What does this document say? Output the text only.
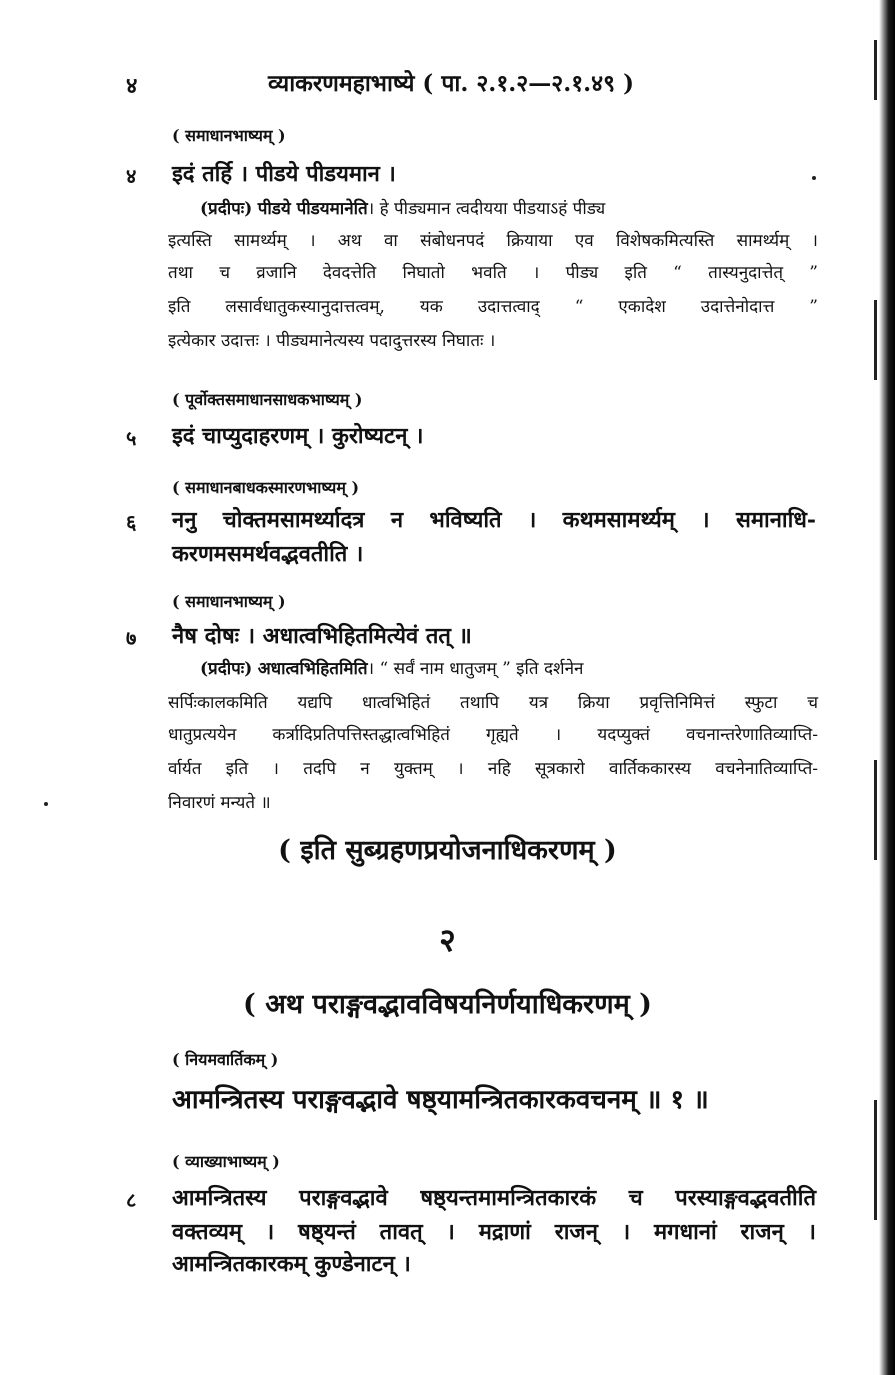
४	व्याकरणमहाभाष्ये ( पा. २.१.२—२.१.४९ )
( समाधानभाष्यम् )
४ इदं तर्हि । पीडये पीडयमान ।
(प्रदीपः) पीडये पीडयमानेति। हे पीड्यमान त्वदीयया पीडयाऽहं पीड्य
इत्यस्ति सामर्थ्यम् । अथ वा संबोधनपदं क्रियाया एव विशेषकमित्यस्ति सामर्थ्यम् ।
तथा च व्रजानि देवदत्तेति निघातो भवति । पीड्य इति “ तास्यनुदात्तेत् ”
इति लसार्वधातुकस्यानुदात्तत्वम्, यक उदात्तत्वाद् “ एकादेश उदात्तेनोदात्त ”
इत्येकार उदात्तः । पीड्यमानेत्यस्य पदादुत्तरस्य निघातः ।
( पूर्वोक्तसमाधानसाधकभाष्यम् )
५ इदं चाप्युदाहरणम् । कुरोष्यटन् ।
( समाधानबाधकस्मारणभाष्यम् )
६ ननु चोक्तमसामर्थ्यादत्र न भविष्यति । कथमसामर्थ्यम् । समानाधि-
करणमसमर्थवद्भवतीति ।
( समाधानभाष्यम् )
७ नैष दोषः । अधात्वभिहितमित्येवं तत् ॥
(प्रदीपः) अधात्वभिहितमिति। “ सर्वं नाम धातुजम् ” इति दर्शनेन
सर्पिःकालकमिति यद्यपि धात्वभिहितं तथापि यत्र क्रिया प्रवृत्तिनिमित्तं स्फुटा च
धातुप्रत्ययेन कर्त्रादिप्रतिपत्तिस्तद्धात्वभिहितं गृह्यते । यदप्युक्तं वचनान्तरेणातिव्याप्ति-
र्वार्यत इति । तदपि न युक्तम् । नहि सूत्रकारो वार्तिककारस्य वचनेनातिव्याप्ति-
निवारणं मन्यते ॥
( इति सुब्ग्रहणप्रयोजनाधिकरणम् )
२
( अथ पराङ्गवद्भावविषयनिर्णयाधिकरणम् )
( नियमवार्तिकम् )
आमन्त्रितस्य पराङ्गवद्भावे षष्ठ्यामन्त्रितकारकवचनम् ॥ १ ॥
( व्याख्याभाष्यम् )
८ आमन्त्रितस्य पराङ्गवद्भावे षष्ठ्यन्तमामन्त्रितकारकं च परस्याङ्गवद्भवतीति
वक्तव्यम् । षष्ठ्यन्तं तावत् । मद्राणां राजन् । मगधानां राजन् ।
आमन्त्रितकारकम् कुण्डेनाटन् ।
